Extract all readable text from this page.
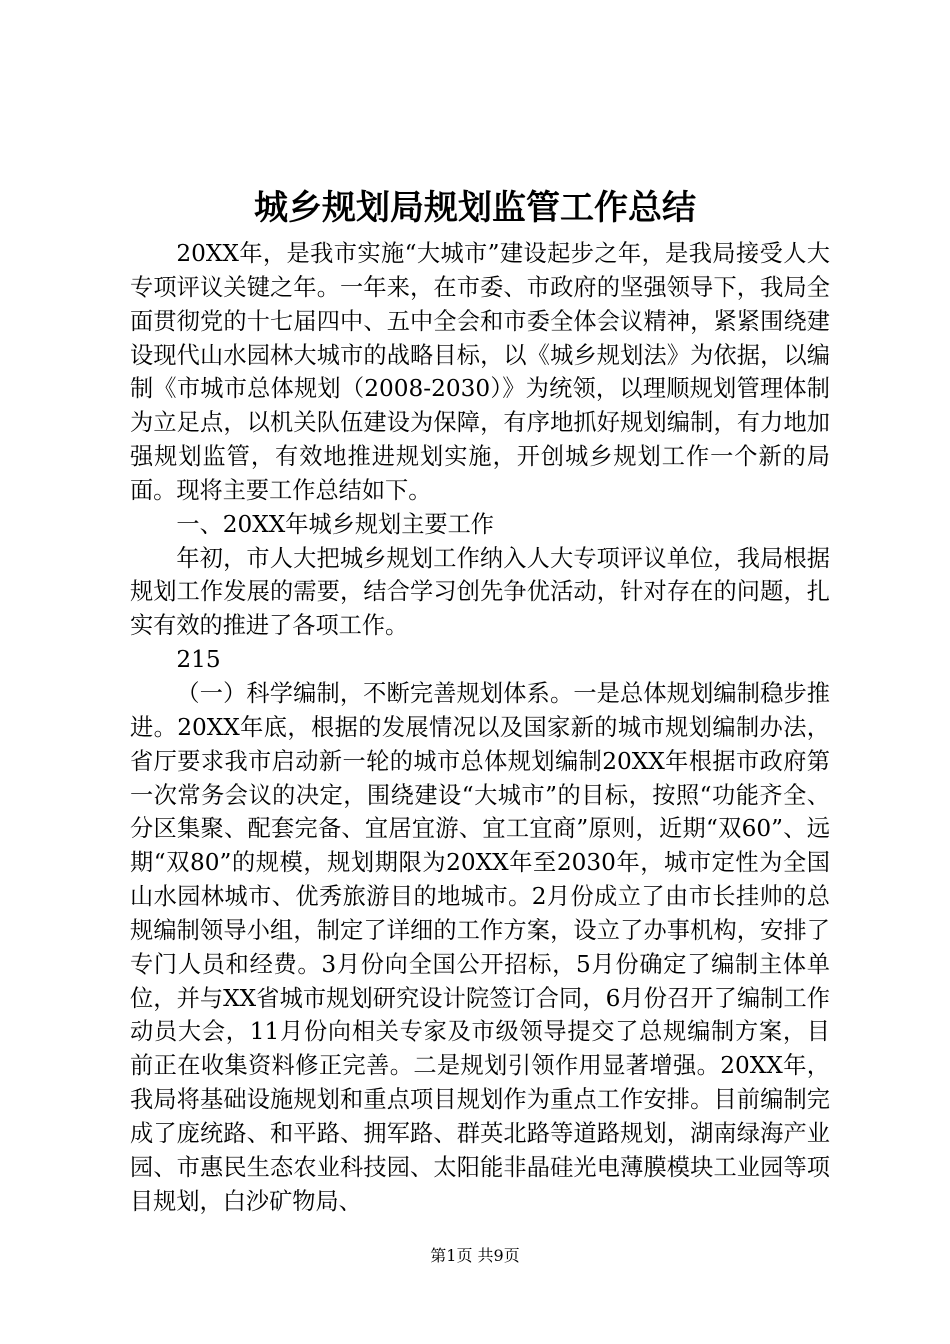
城乡规划局规划监管工作总结

20XX年，是我市实施“大城市”建设起步之年，是我局接受人大专项评议关键之年。一年来，在市委、市政府的坚强领导下，我局全面贯彻党的十七届四中、五中全会和市委全体会议精神，紧紧围绕建设现代山水园林大城市的战略目标，以《城乡规划法》为依据，以编制《市城市总体规划（2008-2030）》为统领，以理顺规划管理体制为立足点，以机关队伍建设为保障，有序地抓好规划编制，有力地加强规划监管，有效地推进规划实施，开创城乡规划工作一个新的局面。现将主要工作总结如下。

一、20XX年城乡规划主要工作

年初，市人大把城乡规划工作纳入人大专项评议单位，我局根据规划工作发展的需要，结合学习创先争优活动，针对存在的问题，扎实有效的推进了各项工作。

215

（一）科学编制，不断完善规划体系。一是总体规划编制稳步推进。20XX年底，根据的发展情况以及国家新的城市规划编制办法，省厅要求我市启动新一轮的城市总体规划编制20XX年根据市政府第一次常务会议的决定，围绕建设“大城市”的目标，按照“功能齐全、分区集聚、配套完备、宜居宜游、宜工宜商”原则，近期“双60”、远期“双80”的规模，规划期限为20XX年至2030年，城市定性为全国山水园林城市、优秀旅游目的地城市。2月份成立了由市长挂帅的总规编制领导小组，制定了详细的工作方案，设立了办事机构，安排了专门人员和经费。3月份向全国公开招标，5月份确定了编制主体单位，并与XX省城市规划研究设计院签订合同，6月份召开了编制工作动员大会，11月份向相关专家及市级领导提交了总规编制方案，目前正在收集资料修正完善。二是规划引领作用显著增强。20XX年，我局将基础设施规划和重点项目规划作为重点工作安排。目前编制完成了庞统路、和平路、拥军路、群英北路等道路规划，湖南绿海产业园、市惠民生态农业科技园、太阳能非晶硅光电薄膜模块工业园等项目规划，白沙矿物局、

第1页 共9页
